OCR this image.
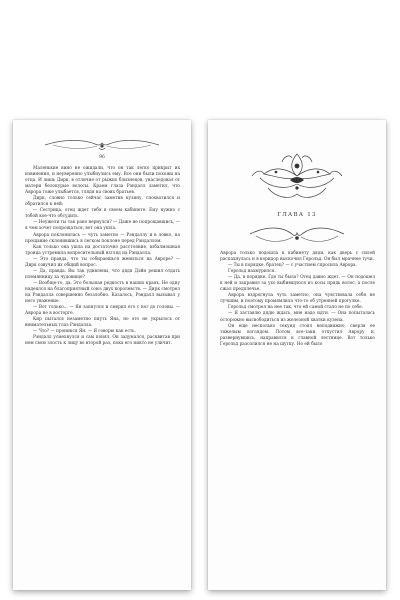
96

Маленькие вино не ожидали, что он так легко прикрыт их извинения, и неуверенно улыбнулись ему. Все они были похожи на отца. И лишь Дирк, в отличие от рыжих близнецов, унаследовал от матери белокурые волосы. Краем глаза Рэндалл заметил, что Аврора тоже улыбается, глядя на своих братьев.

Дирк, словно только сейчас заметив кузину, спохватился и обратился к ней:

— Сестрица, отец ждет тебя в своем кабинете. Ему нужно с тобой кое-что обсудить.

— Неужели ты так рано вернулся? — Даже не попрощавшись, — я чем хочет попрощаться, вот она ушла.

Аврора поклонилась — чуть заметно — Рэндаллу и в ловко, на прощание склонившись в легком поклоне перед Рэндаллом.

Как только она ушла на достаточно расстояние, взбалмошная троица устремила вопросительный взгляд на Рэндалла.

— Это правда, что ты собираешься жениться на Авроре? — Дирк озвучил их общий вопрос.

— Да, правда. Вы так удивлены, что дядя Дэйн решил отдать племянницу за чудовище?

— Вообще-то, да. Это большая редкость в наших краях. Не одну надеялся на благоприятный союз двух королевств. — Дирк смотрел на Рэндалла совершенно беззлобно. Казалось, Рэндалл вызывал у него уважение.

— Вот только... — Ян запнулся и смерил его с ног до головы. — Аврора не в восторге.

Кир пытался незаметно пнуть Яна, но это не укрылось от внимательных глаз Рэндалла.

— Что? — проникся Ян. — Я говорю как есть.

Рэндалл усмехнулся и сам понял. Он задумался, расквитав при нем свою злость к лицу во второй раз, пока его никто не уличит.

ГЛАВА 13

Аврора только подошла к кабинету дяди, как дверь с силой распахнулась и в коридор выскочил Герольд. Он был мрачнее тучи.

— Ты в порядке, братец? — с участием спросила Аврора.

Герольд нахмурился.

— Да, в порядке. Где ты была? Отец давно ждет. — Он подошел к ней и заправил за ухо выбившуюся из косы прядь волос, а после сжал предплечье.

Аврора вздрогнула чуть заметно, она чувствовала себя не лучшим, и поэтому промямлила что-то об утренней прогулке.

Герольд смотрел на нее так, что ей самой стало не по себе.

— Я заставлю дядю ждать, мне надо идти. — Она попыталась осторожно высвободиться из железной хватки кузена.

Он еще несколько секунд стоял неподвижно, сверля ее тяжелым взглядом. Потом все-таки отпустил Аврору и, развернувшись, направился к главной лестнице. Вот только Герольд разозлился не на шутку. Но ей было
